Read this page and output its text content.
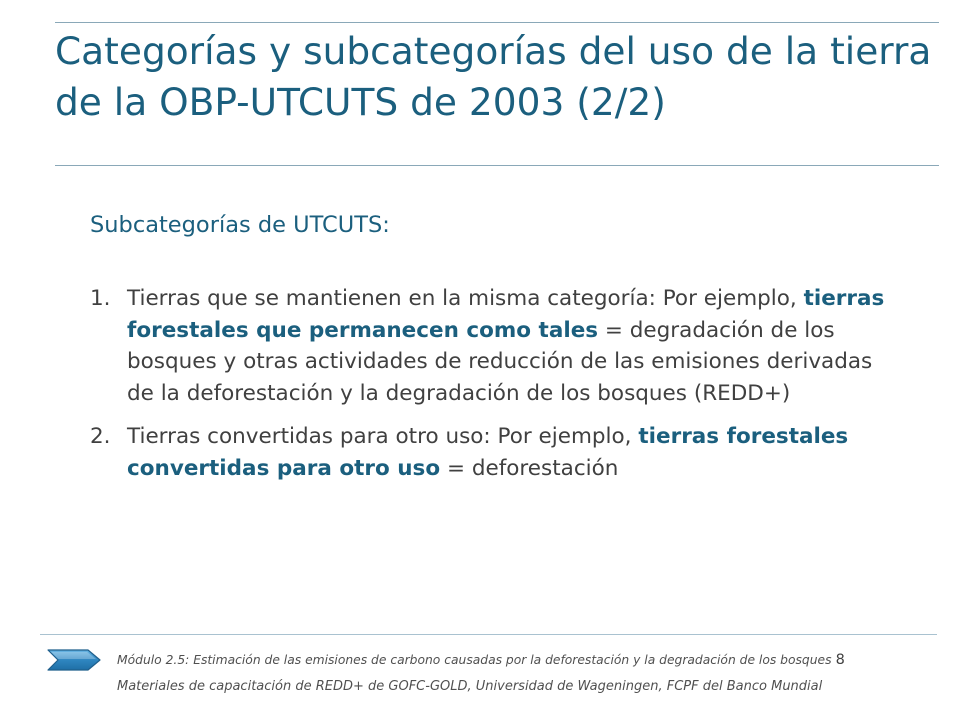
Categorías y subcategorías del uso de la tierra de la OBP-UTCUTS de 2003 (2/2)
Subcategorías de UTCUTS:
1. Tierras que se mantienen en la misma categoría: Por ejemplo, tierras forestales que permanecen como tales = degradación de los bosques y otras actividades de reducción de las emisiones derivadas de la deforestación y la degradación de los bosques (REDD+)
2. Tierras convertidas para otro uso: Por ejemplo, tierras forestales convertidas para otro uso = deforestación
Módulo 2.5: Estimación de las emisiones de carbono causadas por la deforestación y la degradación de los bosques 8
Materiales de capacitación de REDD+ de GOFC-GOLD, Universidad de Wageningen, FCPF del Banco Mundial
